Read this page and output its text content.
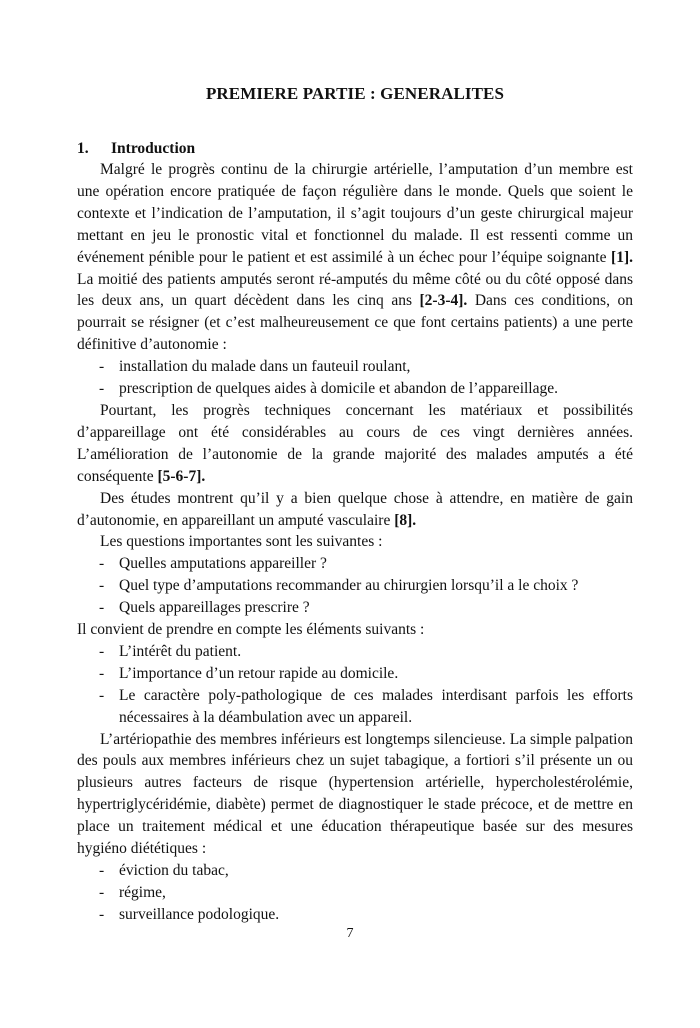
PREMIERE PARTIE : GENERALITES
1. Introduction

Malgré le progrès continu de la chirurgie artérielle, l’amputation d’un membre est une opération encore pratiquée de façon régulière dans le monde. Quels que soient le contexte et l’indication de l’amputation, il s’agit toujours d’un geste chirurgical majeur mettant en jeu le pronostic vital et fonctionnel du malade. Il est ressenti comme un événement pénible pour le patient et est assimilé à un échec pour l’équipe soignante [1]. La moitié des patients amputés seront ré-amputés du même côté ou du côté opposé dans les deux ans, un quart décèdent dans les cinq ans [2-3-4]. Dans ces conditions, on pourrait se résigner (et c’est malheureusement ce que font certains patients) a une perte définitive d’autonomie :

- installation du malade dans un fauteuil roulant,
- prescription de quelques aides à domicile et abandon de l’appareillage.

Pourtant, les progrès techniques concernant les matériaux et possibilités d’appareillage ont été considérables au cours de ces vingt dernières années. L’amélioration de l’autonomie de la grande majorité des malades amputés a été conséquente [5-6-7].

Des études montrent qu’il y a bien quelque chose à attendre, en matière de gain d’autonomie, en appareillant un amputé vasculaire [8].

Les questions importantes sont les suivantes :

- Quelles amputations appareiller ?
- Quel type d’amputations recommander au chirurgien lorsqu’il a le choix ?
- Quels appareillages prescrire ?

Il convient de prendre en compte les éléments suivants :

- L’intérêt du patient.
- L’importance d’un retour rapide au domicile.
- Le caractère poly-pathologique de ces malades interdisant parfois les efforts nécessaires à la déambulation avec un appareil.

L’artériopathie des membres inférieurs est longtemps silencieuse. La simple palpation des pouls aux membres inférieurs chez un sujet tabagique, a fortiori s’il présente un ou plusieurs autres facteurs de risque (hypertension artérielle, hypercholestérolémie, hypertriglycéridémie, diabète) permet de diagnostiquer le stade précoce, et de mettre en place un traitement médical et une éducation thérapeutique basée sur des mesures hygiéno diététiques :

- éviction du tabac,
- régime,
- surveillance podologique.
7
